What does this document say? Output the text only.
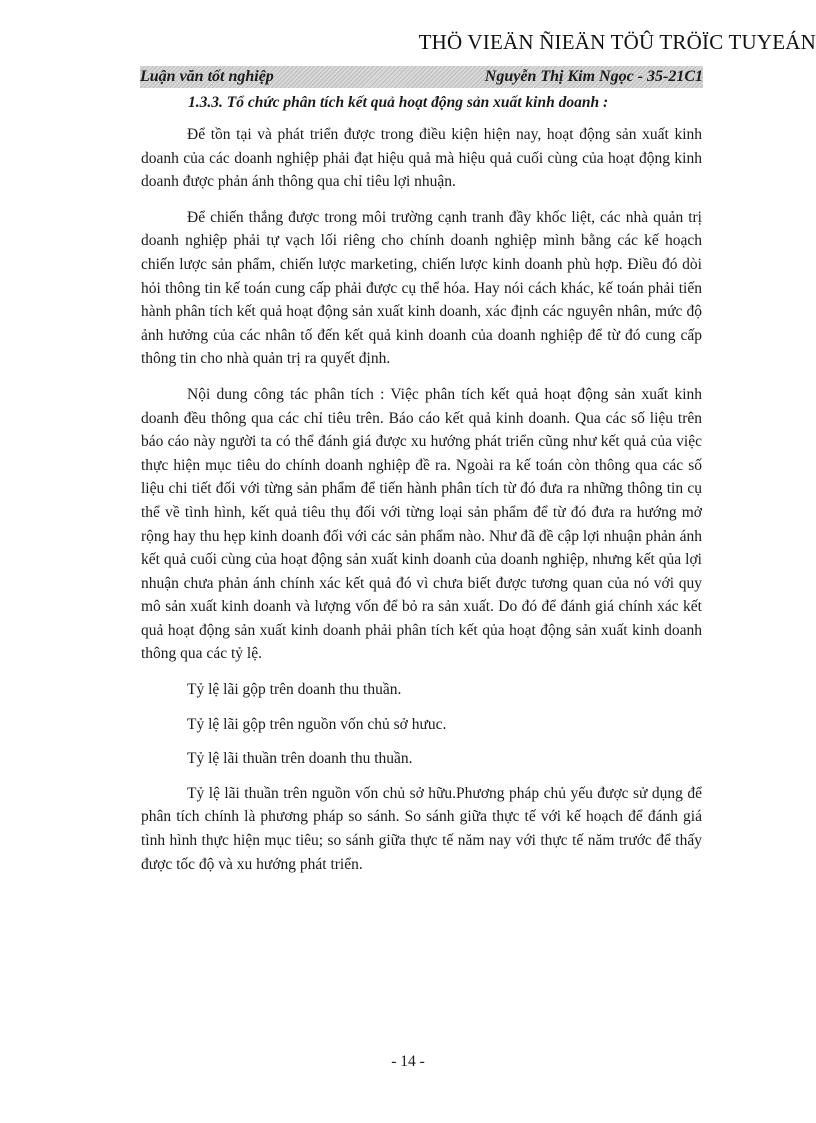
THÖ VIEÄN ÑIEÄN TÖÛ TRÖÏC TUYEÁN
Luận văn tốt nghiệp	Nguyễn Thị Kim Ngọc - 35-21C1
1.3.3. Tổ chức phân tích kết quả hoạt động sản xuất kinh doanh :

Để tồn tại và phát triển được trong điều kiện hiện nay, hoạt động sản xuất kinh doanh của các doanh nghiệp phải đạt hiệu quả mà hiệu quả cuối cùng của hoạt động kinh doanh được phản ánh thông qua chỉ tiêu lợi nhuận.

Để chiến thắng được trong môi trường cạnh tranh đầy khốc liệt, các nhà quản trị doanh nghiệp phải tự vạch lối riêng cho chính doanh nghiệp mình bằng các kế hoạch chiến lược sản phẩm, chiến lược marketing, chiến lược kinh doanh phù hợp. Điều đó dòi hỏi thông tin kế toán cung cấp phải được cụ thể hóa. Hay nói cách khác, kế toán phải tiến hành phân tích kết quả hoạt động sản xuất kinh doanh, xác định các nguyên nhân, mức độ ảnh hưởng của các nhân tố đến kết quả kinh doanh của doanh nghiệp để từ đó cung cấp thông tin cho nhà quản trị ra quyết định.

Nội dung công tác phân tích : Việc phân tích kết quả hoạt động sản xuất kinh doanh đều thông qua các chỉ tiêu trên. Báo cáo kết quả kinh doanh. Qua các số liệu trên báo cáo này người ta có thể đánh giá được xu hướng phát triển cũng như kết quả của việc thực hiện mục tiêu do chính doanh nghiệp đề ra. Ngoài ra kế toán còn thông qua các số liệu chi tiết đối với từng sản phẩm để tiến hành phân tích từ đó đưa ra những thông tin cụ thể về tình hình, kết quả tiêu thụ đối với từng loại sản phẩm để từ đó đưa ra hướng mở rộng hay thu hẹp kinh doanh đối với các sản phẩm nào. Như đã đề cập lợi nhuận phản ánh kết quả cuối cùng của hoạt động sản xuất kinh doanh của doanh nghiệp, nhưng kết qủa lợi nhuận chưa phản ánh chính xác kết quả đó vì chưa biết được tương quan của nó với quy mô sản xuất kinh doanh và lượng vốn để bỏ ra sản xuất. Do đó để đánh giá chính xác kết quả hoạt động sản xuất kinh doanh phải phân tích kết qủa hoạt động sản xuất kinh doanh thông qua các tỷ lệ.

Tỷ lệ lãi gộp trên doanh thu thuần.

Tỷ lệ lãi gộp trên nguồn vốn chủ sở hưuc.

Tỷ lệ lãi thuần trên doanh thu thuần.

Tỷ lệ lãi thuần trên nguồn vốn chủ sở hữu.Phương pháp chủ yếu được sử dụng để phân tích chính là phương pháp so sánh. So sánh giữa thực tế với kế hoạch để đánh giá tình hình thực hiện mục tiêu; so sánh giữa thực tế năm nay với thực tế năm trước để thấy được tốc độ và xu hướng phát triển.

- 14 -
